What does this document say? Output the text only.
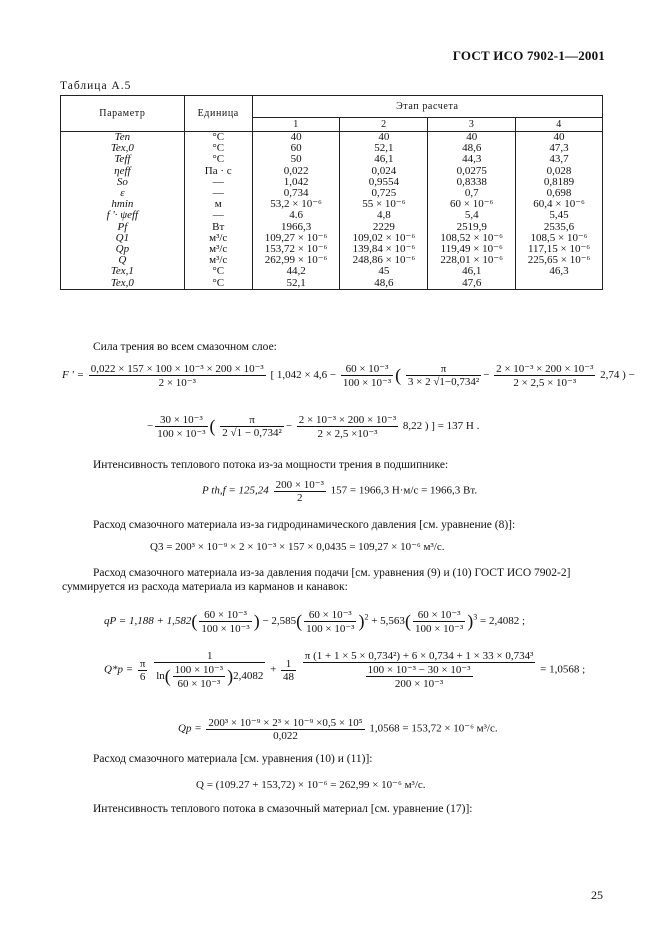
ГОСТ ИСО 7902-1—2001
Таблица А.5
Параметр	Единица	Этап расчета			
		1	2	3	4
Ten	°C	40	40	40	40
Tex,0	°C	60	52,1	48,6	47,3
Teff	°C	50	46,1	44,3	43,7
ηeff	Па · с	0,022	0,024	0,0275	0,028
So	—	1,042	0,9554	0,8338	0,8189
ε	—	0,734	0,725	0,7	0,698
hmin	м	53,2 × 10⁻⁶	55 × 10⁻⁶	60 × 10⁻⁶	60,4 × 10⁻⁶
f '· ψeff	—	4.6	4,8	5,4	5,45
Pf	Вт	1966,3	2229	2519,9	2535,6
Q1	м³/с	109,27 × 10⁻⁶	109,02 × 10⁻⁶	108,52 × 10⁻⁶	108,5 × 10⁻⁶
Qp	м³/с	153,72 × 10⁻⁶	139,84 × 10⁻⁶	119,49 × 10⁻⁶	117,15 × 10⁻⁶
Q	м³/с	262,99 × 10⁻⁶	248,86 × 10⁻⁶	228,01 × 10⁻⁶	225,65 × 10⁻⁶
Tex,1	°C	44,2	45	46,1	46,3
Tex,0	°C	52,1	48,6	47,6	
Сила трения во всем смазочном слое:
F ' = $\frac{\text{0,022 × 157 × 100 × 10⁻³ × 200 × 10⁻³}}{\text{2 × 10⁻³}}$ [ $1,042 \times 4,6 - \frac{\text{60 × 10⁻³}}{\text{100 × 10⁻³}}$ ( $\frac{\pi}{\text{3 × 2 √1−0,734²}} - \frac{\text{2 × 10⁻³ × 200 × 10⁻³}}{\text{2 × 2,5 × 10⁻³}} 2,74$ ) −
− $\frac{\text{30 × 10⁻³}}{\text{100 × 10⁻³}}$ ( $\frac{\pi}{\text{2 √1 − 0,734²}} - \frac{\text{2 × 10⁻³ × 200 × 10⁻³}}{\text{2 × 2,5 ×10⁻³}} 8,22$ ) ] = 137 Н .
Интенсивность теплового потока из-за мощности трения в подшипнике:
P $th,f = 125,24 \frac{\text{200 × 10⁻³}}{2} 157 = 1966,3$ Н·м/с = 1966,3 Вт.
Расход смазочного материала из-за гидродинамического давления [см. уравнение (8)]:
Q3 = 200³ × 10⁻⁹ × 2 × 10⁻³ × 157 × 0,0435 = 109,27 × 10⁻⁶ м³/с.
Расход смазочного материала из-за давления подачи [см. уравнения (9) и (10) ГОСТ ИСО 7902-2] суммируется из расхода материала из карманов и канавок:
qP = $1,188 + 1,582( \frac{\text{60 × 10⁻³}}{\text{100 × 10⁻³}}$ ) − $2,585( \frac{\text{60 × 10⁻³}}{\text{100 × 10⁻³}} )^2 + 5,563( \frac{\text{60 × 10⁻³}}{\text{100 × 10⁻³}} )^3 = 2,4082$ ;
$Q*p = \frac{\pi}{6}$
$\frac{1}{\ln( \frac{\text{100 × 10⁻³}}{\text{60 × 10⁻³}} )2,4082} + \frac{1}{48}$
$\frac{\text{π (1 + 1 × 5 × 0,734²) + 6 × 0,734 + 1 × 33 × 0,734³}}{\frac{\text{100 × 10⁻³ − 30 × 10⁻³}}{\text{200 × 10⁻³}}} = 1,0568$ ;
$Qp = \frac{\text{200³ × 10⁻⁹ × 2³ × 10⁻⁹ ×0,5 × 10⁵}}{0,022} 1,0568 = 153,72 \times 10^{-6}$ м³/с.
Расход смазочного материала [см. уравнения (10) и (11)]:
Q = (109.27 + 153,72) × 10⁻⁶ = 262,99 × 10⁻⁶ м³/с.
Интенсивность теплового потока в смазочный материал [см. уравнение (17)]:
25
